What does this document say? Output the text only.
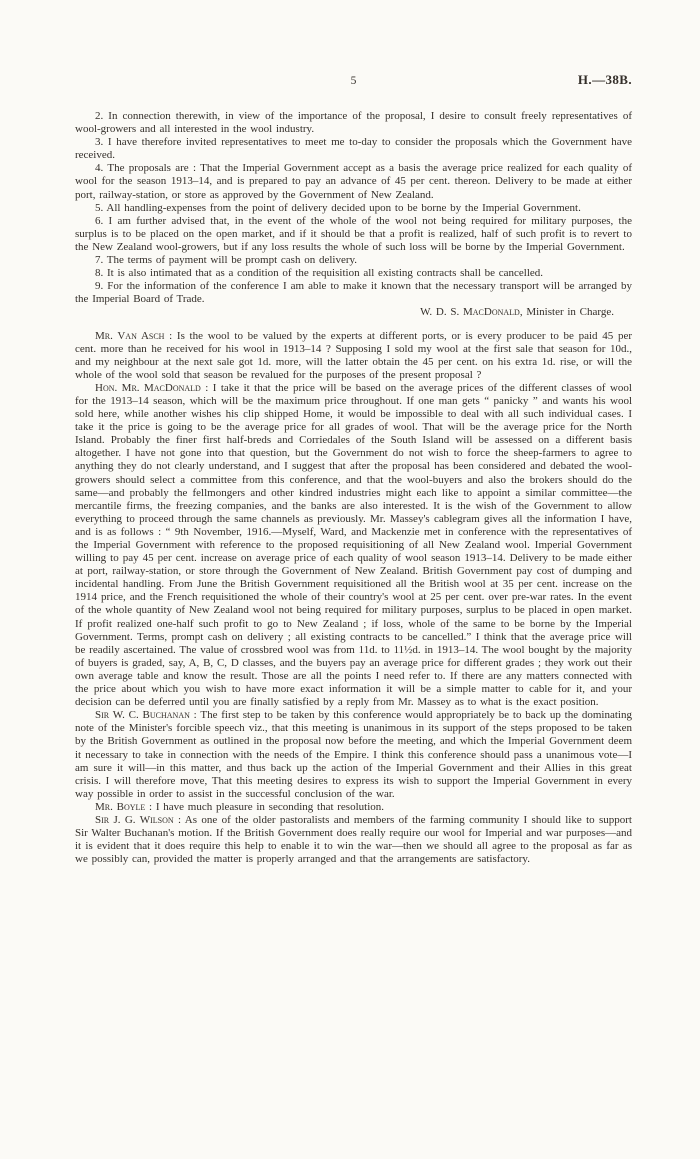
5	H.—38B.

2. In connection therewith, in view of the importance of the proposal, I desire to consult freely representatives of wool-growers and all interested in the wool industry.

3. I have therefore invited representatives to meet me to-day to consider the proposals which the Government have received.

4. The proposals are : That the Imperial Government accept as a basis the average price realized for each quality of wool for the season 1913–14, and is prepared to pay an advance of 45 per cent. thereon. Delivery to be made at either port, railway-station, or store as approved by the Government of New Zealand.

5. All handling-expenses from the point of delivery decided upon to be borne by the Imperial Government.

6. I am further advised that, in the event of the whole of the wool not being required for military purposes, the surplus is to be placed on the open market, and if it should be that a profit is realized, half of such profit is to revert to the New Zealand wool-growers, but if any loss results the whole of such loss will be borne by the Imperial Government.

7. The terms of payment will be prompt cash on delivery.

8. It is also intimated that as a condition of the requisition all existing contracts shall be cancelled.

9. For the information of the conference I am able to make it known that the necessary transport will be arranged by the Imperial Board of Trade.

W. D. S. MacDonald, Minister in Charge.

Mr. Van Asch : Is the wool to be valued by the experts at different ports, or is every producer to be paid 45 per cent. more than he received for his wool in 1913–14 ? Supposing I sold my wool at the first sale that season for 10d., and my neighbour at the next sale got 1d. more, will the latter obtain the 45 per cent. on his extra 1d. rise, or will the whole of the wool sold that season be revalued for the purposes of the present proposal ?

Hon. Mr. MacDonald : I take it that the price will be based on the average prices of the different classes of wool for the 1913–14 season, which will be the maximum price throughout. If one man gets “ panicky ” and wants his wool sold here, while another wishes his clip shipped Home, it would be impossible to deal with all such individual cases. I take it the price is going to be the average price for all grades of wool. That will be the average price for the North Island. Probably the finer first half-breds and Corriedales of the South Island will be assessed on a different basis altogether. I have not gone into that question, but the Government do not wish to force the sheep-farmers to agree to anything they do not clearly understand, and I suggest that after the proposal has been considered and debated the wool-growers should select a committee from this conference, and that the wool-buyers and also the brokers should do the same—and probably the fellmongers and other kindred industries might each like to appoint a similar committee—the mercantile firms, the freezing companies, and the banks are also interested. It is the wish of the Government to allow everything to proceed through the same channels as previously. Mr. Massey's cablegram gives all the information I have, and is as follows : “ 9th November, 1916.—Myself, Ward, and Mackenzie met in conference with the representatives of the Imperial Government with reference to the proposed requisitioning of all New Zealand wool. Imperial Government willing to pay 45 per cent. increase on average price of each quality of wool season 1913–14. Delivery to be made either at port, railway-station, or store through the Government of New Zealand. British Government pay cost of dumping and incidental handling. From June the British Government requisitioned all the British wool at 35 per cent. increase on the 1914 price, and the French requisitioned the whole of their country's wool at 25 per cent. over pre-war rates. In the event of the whole quantity of New Zealand wool not being required for military purposes, surplus to be placed in open market. If profit realized one-half such profit to go to New Zealand ; if loss, whole of the same to be borne by the Imperial Government. Terms, prompt cash on delivery ; all existing contracts to be cancelled.” I think that the average price will be readily ascertained. The value of crossbred wool was from 11d. to 11½d. in 1913–14. The wool bought by the majority of buyers is graded, say, A, B, C, D classes, and the buyers pay an average price for different grades ; they work out their own average table and know the result. Those are all the points I need refer to. If there are any matters connected with the price about which you wish to have more exact information it will be a simple matter to cable for it, and your decision can be deferred until you are finally satisfied by a reply from Mr. Massey as to what is the exact position.

Sir W. C. Buchanan : The first step to be taken by this conference would appropriately be to back up the dominating note of the Minister's forcible speech viz., that this meeting is unanimous in its support of the steps proposed to be taken by the British Government as outlined in the proposal now before the meeting, and which the Imperial Government deem it necessary to take in connection with the needs of the Empire. I think this conference should pass a unanimous vote—I am sure it will—in this matter, and thus back up the action of the Imperial Government and their Allies in this great crisis. I will therefore move, That this meeting desires to express its wish to support the Imperial Government in every way possible in order to assist in the successful conclusion of the war.

Mr. Boyle : I have much pleasure in seconding that resolution.

Sir J. G. Wilson : As one of the older pastoralists and members of the farming community I should like to support Sir Walter Buchanan's motion. If the British Government does really require our wool for Imperial and war purposes—and it is evident that it does require this help to enable it to win the war—then we should all agree to the proposal as far as we possibly can, provided the matter is properly arranged and that the arrangements are satisfactory.
